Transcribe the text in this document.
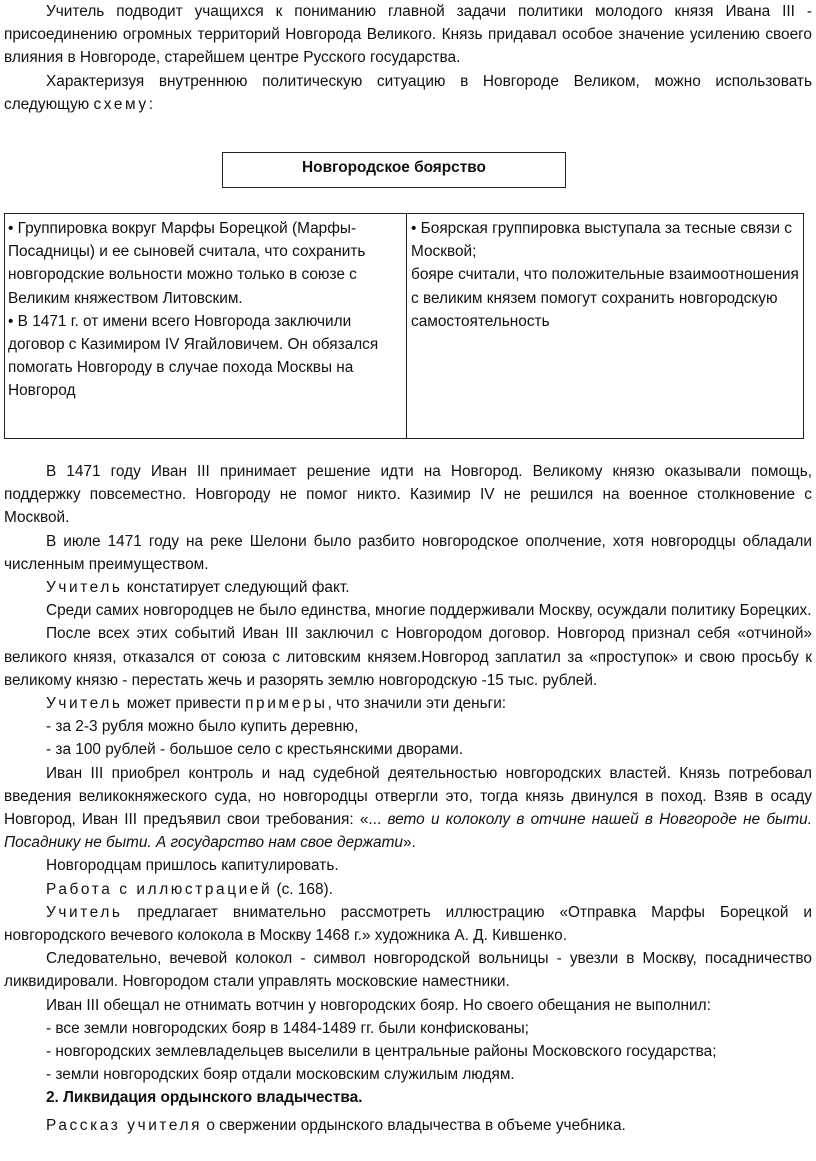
Учитель подводит учащихся к пониманию главной задачи политики молодого князя Ивана III - присоединению огромных территорий Новгорода Великого. Князь придавал особое значение усилению своего влияния в Новгороде, старейшем центре Русского государства.

Характеризуя внутреннюю политическую ситуацию в Новгороде Великом, можно использовать следующую схему:

Новгородское боярство
• Группировка вокруг Марфы Борецкой (Марфы-Посадницы) и ее сыновей считала, что сохранить новгородские вольности можно только в союзе с Великим княжеством Литовским.
• В 1471 г. от имени всего Новгорода заключили договор с Казимиром IV Ягайловичем. Он обязался помогать Новгороду в случае похода Москвы на Новгород
• Боярская группировка выступала за тесные связи с Москвой;
бояре считали, что положительные взаимоотношения с великим князем помогут сохранить новгородскую самостоятельность

В 1471 году Иван III принимает решение идти на Новгород. Великому князю оказывали помощь, поддержку повсеместно. Новгороду не помог никто. Казимир IV не решился на военное столкновение с Москвой.

В июле 1471 году на реке Шелони было разбито новгородское ополчение, хотя новгородцы обладали численным преимуществом.

Учитель констатирует следующий факт.

Среди самих новгородцев не было единства, многие поддерживали Москву, осуждали политику Борецких.

После всех этих событий Иван III заключил с Новгородом договор. Новгород признал себя «отчиной» великого князя, отказался от союза с литовским князем.Новгород заплатил за «проступок» и свою просьбу к великому князю - перестать жечь и разорять землю новгородскую -15 тыс. рублей.

Учитель может привести примеры, что значили эти деньги:

- за 2-3 рубля можно было купить деревню,

- за 100 рублей - большое село с крестьянскими дворами.

Иван III приобрел контроль и над судебной деятельностью новгородских властей. Князь потребовал введения великокняжеского суда, но новгородцы отвергли это, тогда князь двинулся в поход. Взяв в осаду Новгород, Иван III предъявил свои требования: «... вето и колоколу в отчине нашей в Новгороде не быти. Посаднику не быти. А государство нам свое держати».

Новгородцам пришлось капитулировать.

Работа с иллюстрацией (с. 168).

Учитель предлагает внимательно рассмотреть иллюстрацию «Отправка Марфы Борецкой и новгородского вечевого колокола в Москву 1468 г.» художника А. Д. Кившенко.

Следовательно, вечевой колокол - символ новгородской вольницы - увезли в Москву, посадничество ликвидировали. Новгородом стали управлять московские наместники.

Иван III обещал не отнимать вотчин у новгородских бояр. Но своего обещания не выполнил:

- все земли новгородских бояр в 1484-1489 гг. были конфискованы;

- новгородских землевладельцев выселили в центральные районы Московского государства;

- земли новгородских бояр отдали московским служилым людям.

2. Ликвидация ордынского владычества.

Рассказ учителя о свержении ордынского владычества в объеме учебника.
